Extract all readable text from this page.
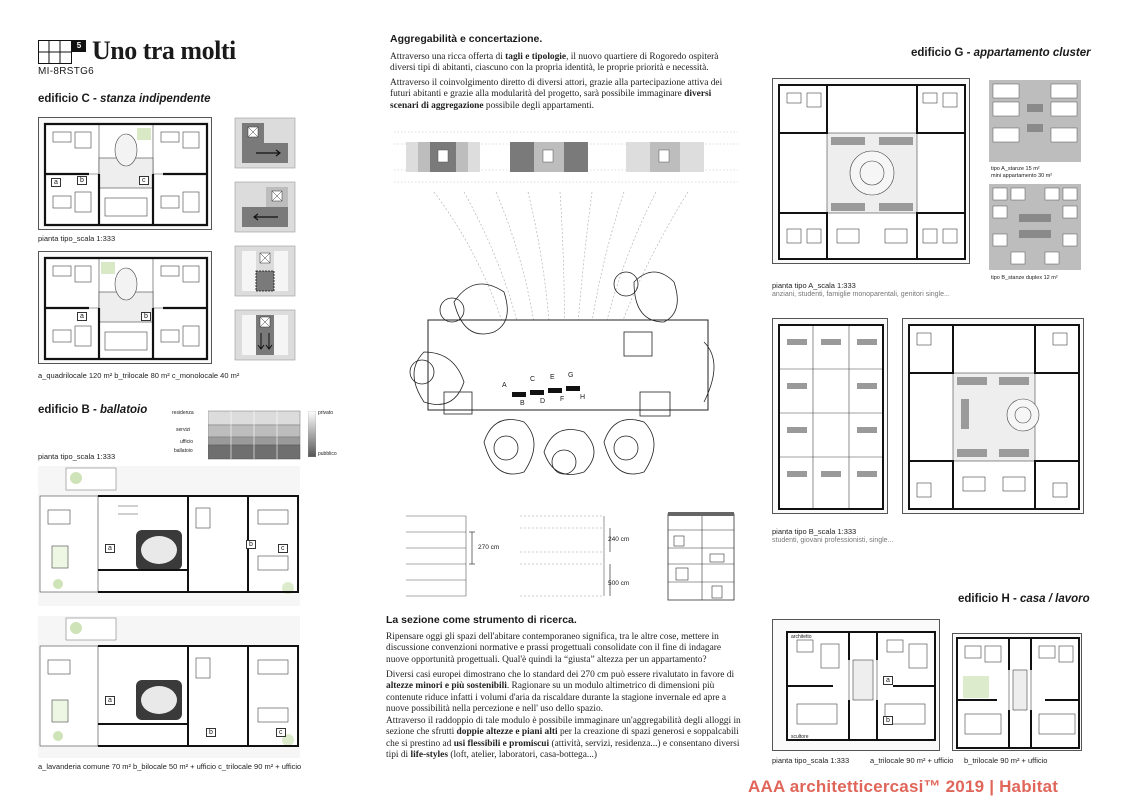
5 Uno tra molti
MI-8RSTG6
edificio C - stanza indipendente
a	b	c
pianta tipo_scala 1:333
a	b
a_quadrilocale 120 m² b_trilocale 80 m² c_monolocale 40 m²
edificio B - ballatoio	residenza
servizi
ufficio
ballatoio
privato
pubblico
pianta tipo_scala 1:333
a
b
c
a
b	c
a_lavanderia comune 70 m² b_bilocale 50 m² + ufficio c_trilocale 90 m² + ufficio
Aggregabilità e concertazione.
Attraverso una ricca offerta di tagli e tipologie, il nuovo quartiere di Rogoredo ospiterà diversi tipi di abitanti, ciascuno con la propria identità, le proprie priorità e necessità.
Attraverso il coinvolgimento diretto di diversi attori, grazie alla partecipazione attiva dei futuri abitanti e grazie alla modularità del progetto, sarà possibile immaginare diversi scenari di aggregazione possibile degli appartamenti.
A
B
C
D
E
F
G
H
270 cm
240 cm
500 cm
La sezione come strumento di ricerca.
Ripensare oggi gli spazi dell'abitare contemporaneo significa, tra le altre cose, mettere in discussione convenzioni normative e prassi progettuali consolidate con il fine di indagare nuove opportunità progettuali. Qual'è quindi la “giusta” altezza per un appartamento?
Diversi casi europei dimostrano che lo standard dei 270 cm può essere rivalutato in favore di altezze minori e più sostenibili. Ragionare su un modulo altimetrico di dimensioni più contenute riduce infatti i volumi d'aria da riscaldare durante la stagione invernale ed apre a nuove possibilità nella percezione e nell' uso dello spazio.
Attraverso il raddoppio di tale modulo è possibile immaginare un'aggregabilità degli alloggi in sezione che sfrutti doppie altezze e piani alti per la creazione di spazi generosi e soppalcabili che si prestino ad usi flessibili e promiscui (attività, servizi, residenza...) e consentano diversi tipi di life-styles (loft, atelier, laboratori, casa-bottega...)
edificio G - appartamento cluster
pianta tipo A_scala 1:333
anziani, studenti, famiglie monoparentali, genitori single...
tipo A_stanze 15 m²
mini appartamento 30 m²
tipo B_stanze duplex 12 m²
pianta tipo B_scala 1:333
studenti, giovani professionisti, single...
edificio H - casa / lavoro
architetto
scultore
a
b
pianta tipo_scala 1:333	a_trilocale 90 m² + ufficio b_trilocale 90 m² + ufficio
AAA architetticercasi™ 2019 | Habitat
